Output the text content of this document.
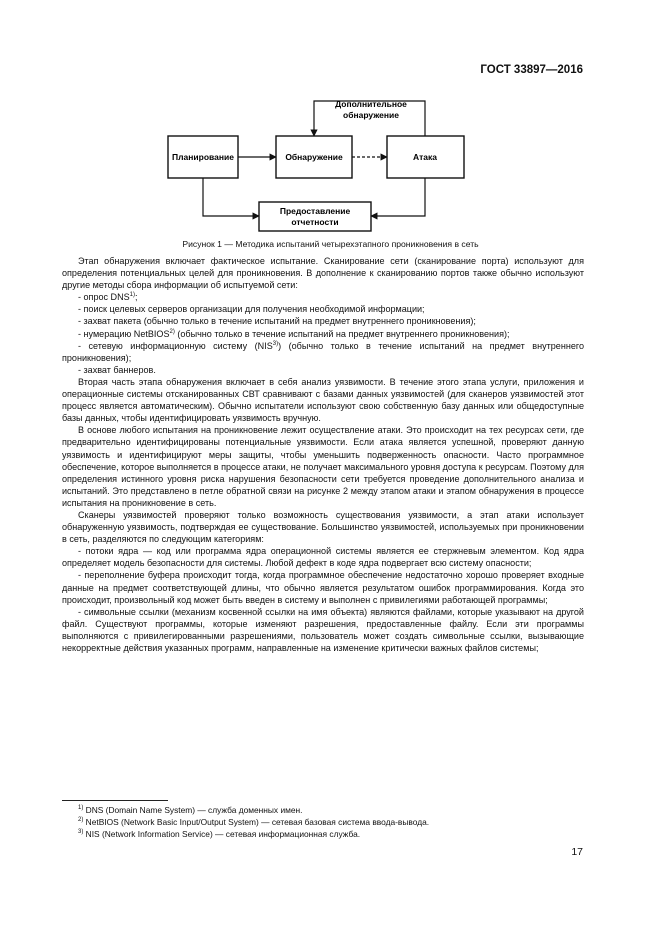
ГОСТ 33897—2016
Планирование	Обнаружение	Атака
Дополнительное
обнаружение
Предоставление
отчетности
Рисунок 1 — Методика испытаний четырехэтапного проникновения в сеть

Этап обнаружения включает фактическое испытание. Сканирование сети (сканирование порта) используют для определения потенциальных целей для проникновения. В дополнение к сканированию портов также обычно используют другие методы сбора информации об испытуемой сети:

- опрос DNS$^{1)}$;

- поиск целевых серверов организации для получения необходимой информации;

- захват пакета (обычно только в течение испытаний на предмет внутреннего проникновения);

- нумерацию NetBIOS$^{2)}$ (обычно только в течение испытаний на предмет внутреннего проникновения);

- сетевую информационную систему (NIS$^{3)}$) (обычно только в течение испытаний на предмет внутреннего проникновения);

- захват баннеров.

Вторая часть этапа обнаружения включает в себя анализ уязвимости. В течение этого этапа услуги, приложения и операционные системы отсканированных СВТ сравнивают с базами данных уязвимостей (для сканеров уязвимостей этот процесс является автоматическим). Обычно испытатели используют свою собственную базу данных или общедоступные базы данных, чтобы идентифицировать уязвимость вручную.

В основе любого испытания на проникновение лежит осуществление атаки. Это происходит на тех ресурсах сети, где предварительно идентифицированы потенциальные уязвимости. Если атака является успешной, проверяют данную уязвимость и идентифицируют меры защиты, чтобы уменьшить подверженность опасности. Часто программное обеспечение, которое выполняется в процессе атаки, не получает максимального уровня доступа к ресурсам. Поэтому для определения истинного уровня риска нарушения безопасности сети требуется проведение дополнительного анализа и испытаний. Это представлено в петле обратной связи на рисунке 2 между этапом атаки и этапом обнаружения в процессе испытания на проникновение в сеть.

Сканеры уязвимостей проверяют только возможность существования уязвимости, а этап атаки использует обнаруженную уязвимость, подтверждая ее существование. Большинство уязвимостей, используемых при проникновении в сеть, разделяются по следующим категориям:

- потоки ядра — код или программа ядра операционной системы является ее стержневым элементом. Код ядра определяет модель безопасности для системы. Любой дефект в коде ядра подвергает всю систему опасности;

- переполнение буфера происходит тогда, когда программное обеспечение недостаточно хорошо проверяет входные данные на предмет соответствующей длины, что обычно является результатом ошибок программирования. Когда это происходит, произвольный код может быть введен в систему и выполнен с привилегиями работающей программы;

- символьные ссылки (механизм косвенной ссылки на имя объекта) являются файлами, которые указывают на другой файл. Существуют программы, которые изменяют разрешения, предоставленные файлу. Если эти программы выполняются с привилегированными разрешениями, пользователь может создать символьные ссылки, вызывающие некорректные действия указанных программ, направленные на изменение критически важных файлов системы;

$^{1)}$ DNS (Domain Name System) — служба доменных имен.
$^{2)}$ NetBIOS (Network Basic Input/Output System) — сетевая базовая система ввода-вывода.
$^{3)}$ NIS (Network Information Service) — сетевая информационная служба.
17
